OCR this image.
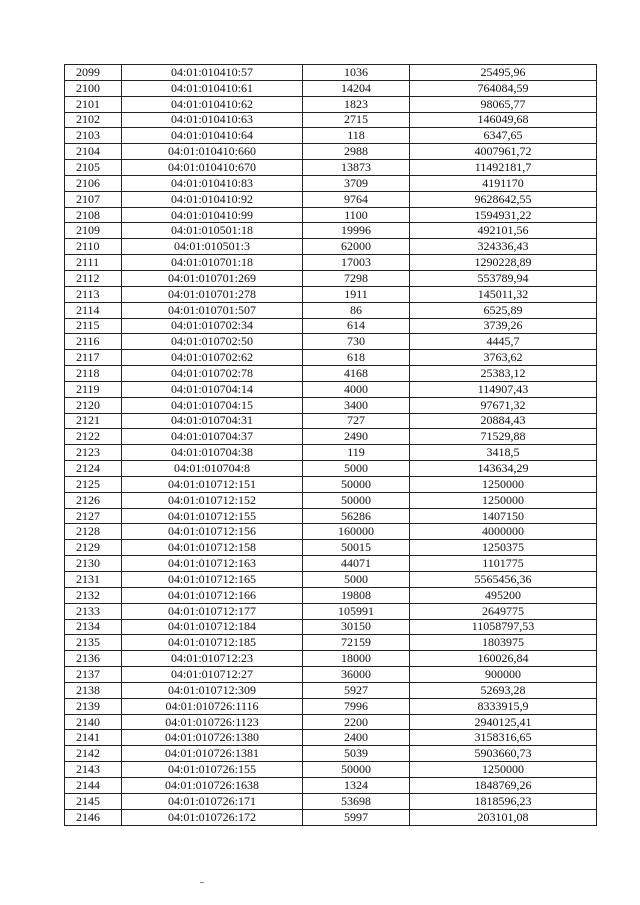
2099	04:01:010410:57	1036	25495,96
2100	04:01:010410:61	14204	764084,59
2101	04:01:010410:62	1823	98065,77
2102	04:01:010410:63	2715	146049,68
2103	04:01:010410:64	118	6347,65
2104	04:01:010410:660	2988	4007961,72
2105	04:01:010410:670	13873	11492181,7
2106	04:01:010410:83	3709	4191170
2107	04:01:010410:92	9764	9628642,55
2108	04:01:010410:99	1100	1594931,22
2109	04:01:010501:18	19996	492101,56
2110	04:01:010501:3	62000	324336,43
2111	04:01:010701:18	17003	1290228,89
2112	04:01:010701:269	7298	553789,94
2113	04:01:010701:278	1911	145011,32
2114	04:01:010701:507	86	6525,89
2115	04:01:010702:34	614	3739,26
2116	04:01:010702:50	730	4445,7
2117	04:01:010702:62	618	3763,62
2118	04:01:010702:78	4168	25383,12
2119	04:01:010704:14	4000	114907,43
2120	04:01:010704:15	3400	97671,32
2121	04:01:010704:31	727	20884,43
2122	04:01:010704:37	2490	71529,88
2123	04:01:010704:38	119	3418,5
2124	04:01:010704:8	5000	143634,29
2125	04:01:010712:151	50000	1250000
2126	04:01:010712:152	50000	1250000
2127	04:01:010712:155	56286	1407150
2128	04:01:010712:156	160000	4000000
2129	04:01:010712:158	50015	1250375
2130	04:01:010712:163	44071	1101775
2131	04:01:010712:165	5000	5565456,36
2132	04:01:010712:166	19808	495200
2133	04:01:010712:177	105991	2649775
2134	04:01:010712:184	30150	11058797,53
2135	04:01:010712:185	72159	1803975
2136	04:01:010712:23	18000	160026,84
2137	04:01:010712:27	36000	900000
2138	04:01:010712:309	5927	52693,28
2139	04:01:010726:1116	7996	8333915,9
2140	04:01:010726:1123	2200	2940125,41
2141	04:01:010726:1380	2400	3158316,65
2142	04:01:010726:1381	5039	5903660,73
2143	04:01:010726:155	50000	1250000
2144	04:01:010726:1638	1324	1848769,26
2145	04:01:010726:171	53698	1818596,23
2146	04:01:010726:172	5997	203101,08
